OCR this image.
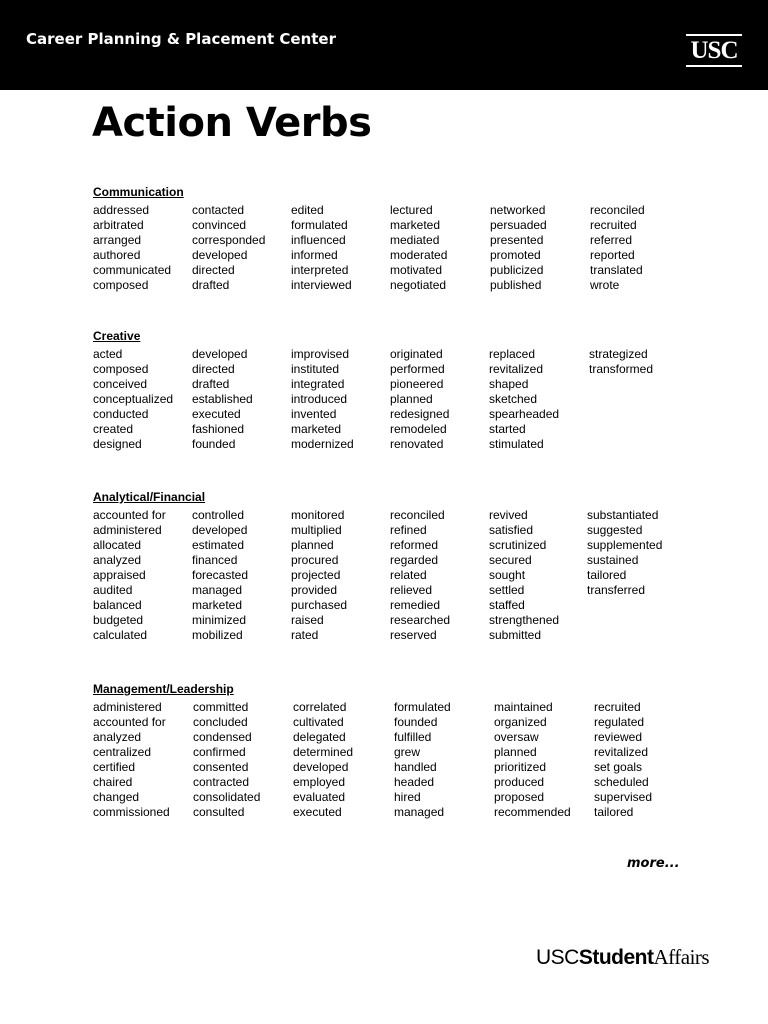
Career Planning & Placement Center	USC
Action Verbs
Communication
addressed
arbitrated
arranged
authored
communicated
composed
contacted
convinced
corresponded
developed
directed
drafted
edited
formulated
influenced
informed
interpreted
interviewed
lectured
marketed
mediated
moderated
motivated
negotiated
networked
persuaded
presented
promoted
publicized
published
reconciled
recruited
referred
reported
translated
wrote
Creative
acted
composed
conceived
conceptualized
conducted
created
designed
developed
directed
drafted
established
executed
fashioned
founded
improvised
instituted
integrated
introduced
invented
marketed
modernized
originated
performed
pioneered
planned
redesigned
remodeled
renovated
replaced
revitalized
shaped
sketched
spearheaded
started
stimulated
strategized
transformed
Analytical/Financial
accounted for
administered
allocated
analyzed
appraised
audited
balanced
budgeted
calculated
controlled
developed
estimated
financed
forecasted
managed
marketed
minimized
mobilized
monitored
multiplied
planned
procured
projected
provided
purchased
raised
rated
reconciled
refined
reformed
regarded
related
relieved
remedied
researched
reserved
revived
satisfied
scrutinized
secured
sought
settled
staffed
strengthened
submitted
substantiated
suggested
supplemented
sustained
tailored
transferred
Management/Leadership
administered
accounted for
analyzed
centralized
certified
chaired
changed
commissioned
committed
concluded
condensed
confirmed
consented
contracted
consolidated
consulted
correlated
cultivated
delegated
determined
developed
employed
evaluated
executed
formulated
founded
fulfilled
grew
handled
headed
hired
managed
maintained
organized
oversaw
planned
prioritized
produced
proposed
recommended
recruited
regulated
reviewed
revitalized
set goals
scheduled
supervised
tailored
more...
USCStudentAffairs
